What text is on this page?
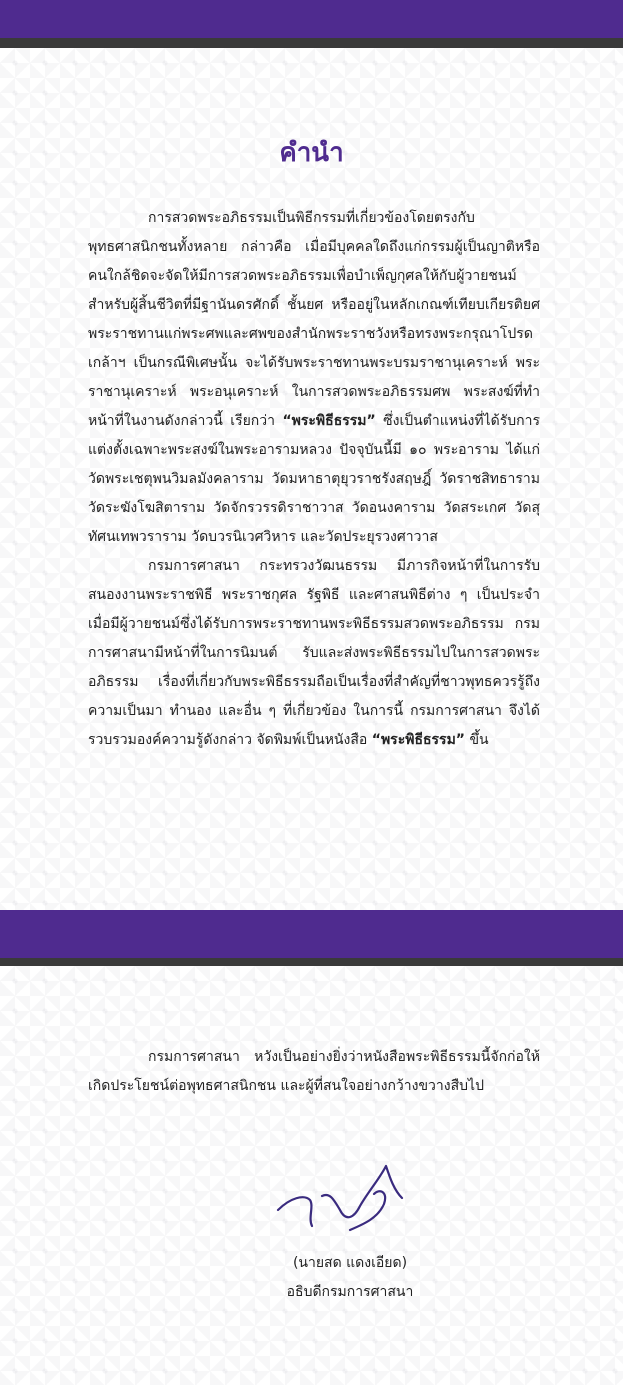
คำนำ

การสวดพระอภิธรรมเป็นพิธีกรรมที่เกี่ยวข้องโดยตรงกับพุทธศาสนิกชนทั้งหลาย กล่าวคือ เมื่อมีบุคคลใดถึงแก่กรรมผู้เป็นญาติหรือคนใกล้ชิดจะจัดให้มีการสวดพระอภิธรรมเพื่อบำเพ็ญกุศลให้กับผู้วายชนม์ สำหรับผู้สิ้นชีวิตที่มีฐานันดรศักดิ์ ชั้นยศ หรืออยู่ในหลักเกณฑ์เทียบเกียรติยศพระราชทานแก่พระศพและศพของสำนักพระราชวังหรือทรงพระกรุณาโปรดเกล้าฯ เป็นกรณีพิเศษนั้น จะได้รับพระราชทานพระบรมราชานุเคราะห์ พระราชานุเคราะห์ พระอนุเคราะห์ ในการสวดพระอภิธรรมศพ พระสงฆ์ที่ทำหน้าที่ในงานดังกล่าวนี้ เรียกว่า “พระพิธีธรรม” ซึ่งเป็นตำแหน่งที่ได้รับการแต่งตั้งเฉพาะพระสงฆ์ในพระอารามหลวง ปัจจุบันนี้มี ๑๐ พระอาราม ได้แก่ วัดพระเชตุพนวิมลมังคลาราม วัดมหาธาตุยุวราชรังสฤษฎิ์ วัดราชสิทธาราม วัดระฆังโฆสิตาราม วัดจักรวรรดิราชาวาส วัดอนงคาราม วัดสระเกศ วัดสุทัศนเทพวราราม วัดบวรนิเวศวิหาร และวัดประยุรวงศาวาส

กรมการศาสนา กระทรวงวัฒนธรรม มีภารกิจหน้าที่ในการรับสนองงานพระราชพิธี พระราชกุศล รัฐพิธี และศาสนพิธีต่าง ๆ เป็นประจำ เมื่อมีผู้วายชนม์ซึ่งได้รับการพระราชทานพระพิธีธรรมสวดพระอภิธรรม กรมการศาสนามีหน้าที่ในการนิมนต์ รับและส่งพระพิธีธรรมไปในการสวดพระอภิธรรม เรื่องที่เกี่ยวกับพระพิธีธรรมถือเป็นเรื่องที่สำคัญที่ชาวพุทธควรรู้ถึงความเป็นมา ทำนอง และอื่น ๆ ที่เกี่ยวข้อง ในการนี้ กรมการศาสนา จึงได้รวบรวมองค์ความรู้ดังกล่าว จัดพิมพ์เป็นหนังสือ “พระพิธีธรรม” ขึ้น

กรมการศาสนา หวังเป็นอย่างยิ่งว่าหนังสือพระพิธีธรรมนี้จักก่อให้เกิดประโยชน์ต่อพุทธศาสนิกชน และผู้ที่สนใจอย่างกว้างขวางสืบไป

(นายสด แดงเอียด)
อธิบดีกรมการศาสนา
